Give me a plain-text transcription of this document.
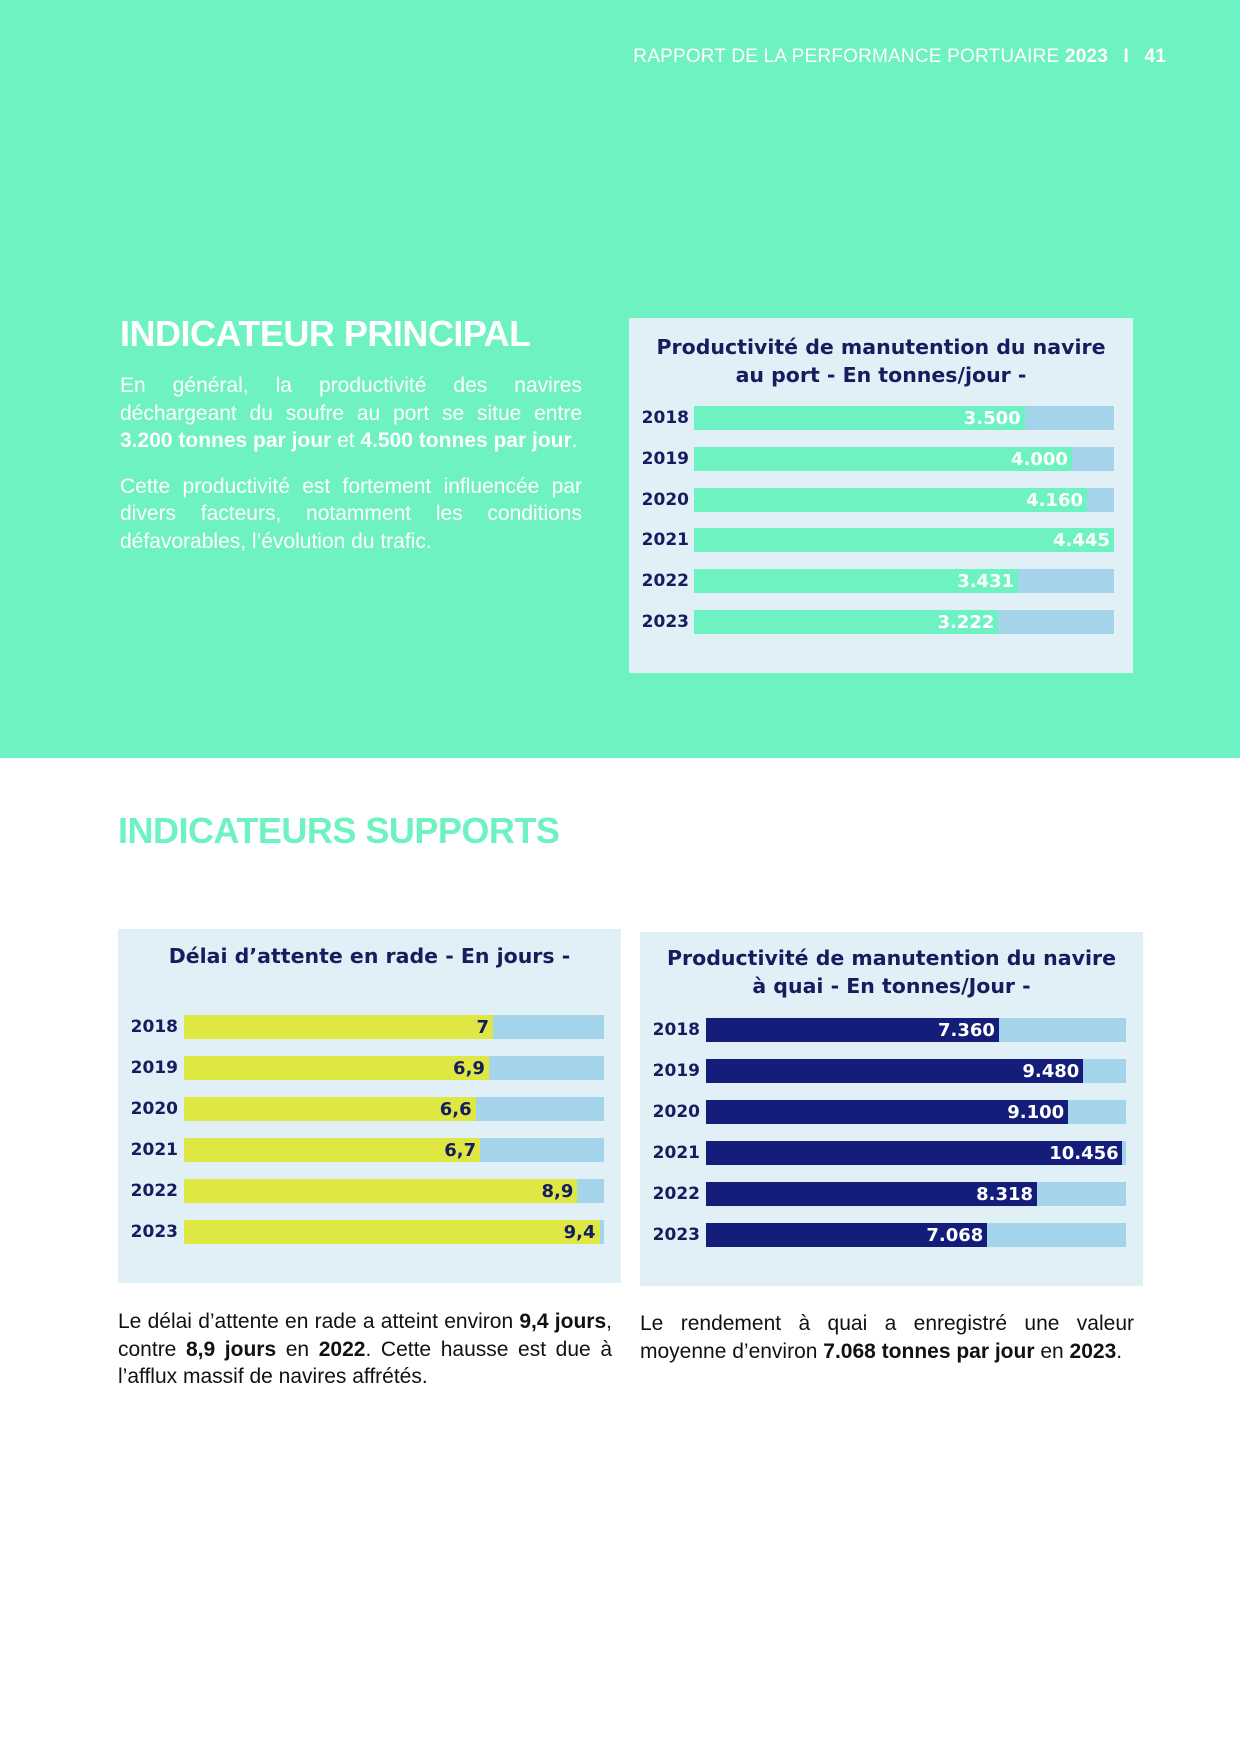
RAPPORT DE LA PERFORMANCE PORTUAIRE 2023 I 41
INDICATEUR PRINCIPAL

En général, la productivité des navires déchargeant du soufre au port se situe entre 3.200 tonnes par jour et 4.500 tonnes par jour.

Cette productivité est fortement influencée par divers facteurs, notamment les conditions défavorables, l’évolution du trafic.

Productivité de manutention du navire
au port - En tonnes/jour -
2018	3.500
2019	4.000
2020	4.160
2021	4.445
2022	3.431
2023	3.222
INDICATEURS SUPPORTS
Délai d’attente en rade - En jours -
2018	7
2019	6,9
2020	6,6
2021	6,7
2022	8,9
2023	9,4
Productivité de manutention du navire
à quai - En tonnes/Jour -
2018	7.360
2019	9.480
2020	9.100
2021	10.456
2022	8.318
2023	7.068

Le délai d’attente en rade a atteint environ 9,4 jours, contre 8,9 jours en 2022. Cette hausse est due à l’afflux massif de navires affrétés.

Le rendement à quai a enregistré une valeur moyenne d’environ 7.068 tonnes par jour en 2023.
